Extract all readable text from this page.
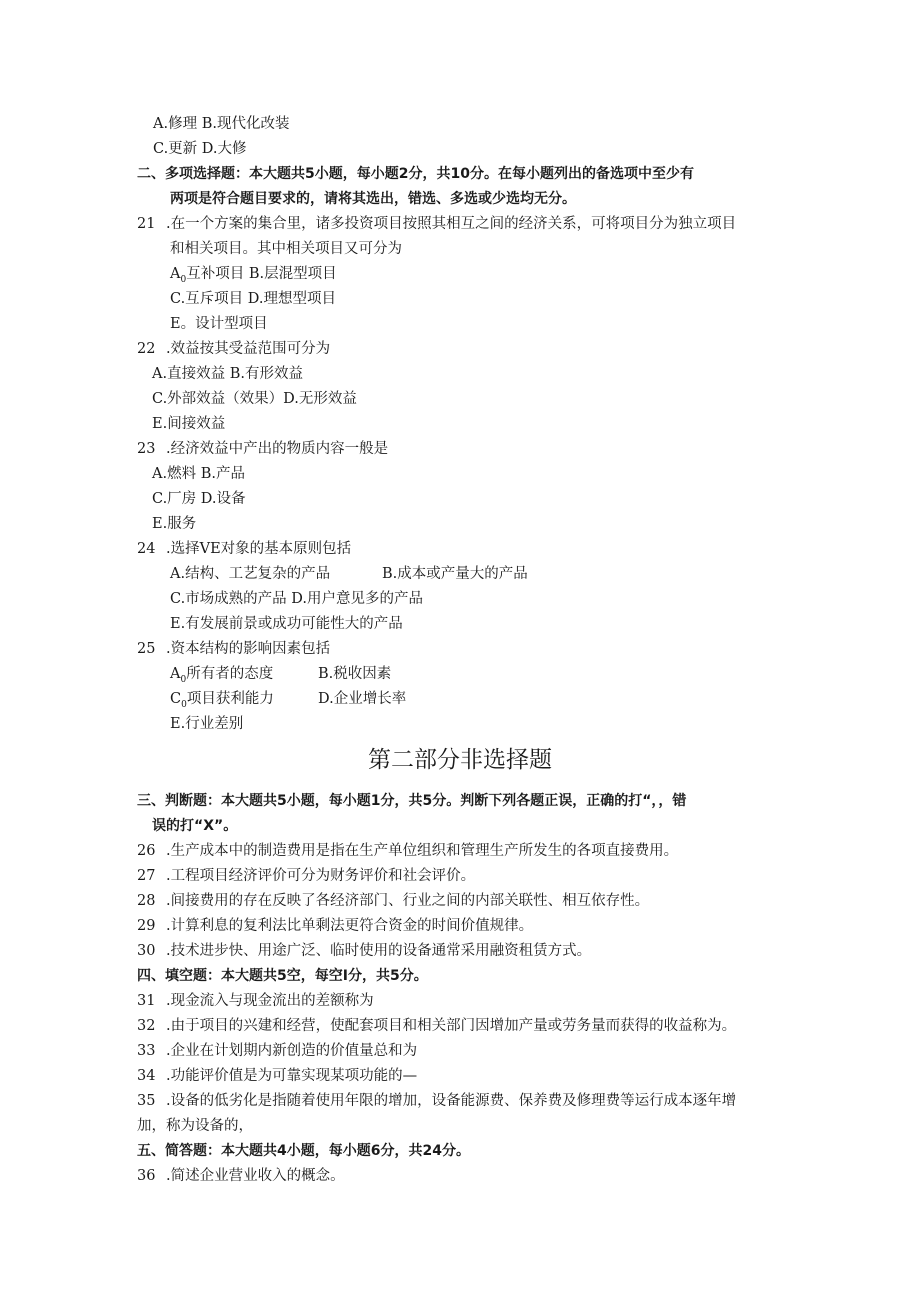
A.修理 B.现代化改装
C.更新 D.大修
二、多项选择题：本大题共5小题，每小题2分，共10分。在每小题列出的备选项中至少有
两项是符合题目要求的，请将其选出，错选、多选或少选均无分。
21 .在一个方案的集合里，诸多投资项目按照其相互之间的经济关系，可将项目分为独立项目
和相关项目。其中相关项目又可分为
$A_0$互补项目 B.层混型项目
C.互斥项目 D.理想型项目
E。设计型项目
22 .效益按其受益范围可分为
A.直接效益 B.有形效益
C.外部效益（效果）D.无形效益
E.间接效益
23 .经济效益中产出的物质内容一般是
A.燃料 B.产品
C.厂房 D.设备
E.服务
24 .选择VE对象的基本原则包括
A.结构、工艺复杂的产品	B.成本或产量大的产品
C.市场成熟的产品 D.用户意见多的产品
E.有发展前景或成功可能性大的产品
25 .资本结构的影响因素包括
$A_0$所有者的态度	B.税收因素
$C_0$项目获利能力	D.企业增长率
E.行业差别
第二部分非选择题
三、判断题：本大题共5小题，每小题1分，共5分。判断下列各题正误，正确的打“，，错
误的打“X”。
26 .生产成本中的制造费用是指在生产单位组织和管理生产所发生的各项直接费用。
27 .工程项目经济评价可分为财务评价和社会评价。
28 .间接费用的存在反映了各经济部门、行业之间的内部关联性、相互依存性。
29 .计算利息的复利法比单剩法更符合资金的时间价值规律。
30 .技术进步快、用途广泛、临时使用的设备通常采用融资租赁方式。
四、填空题：本大题共5空，每空I分，共5分。
31 .现金流入与现金流出的差额称为
32 .由于项目的兴建和经营，使配套项目和相关部门因增加产量或劳务量而获得的收益称为。
33 .企业在计划期内新创造的价值量总和为
34 .功能评价值是为可靠实现某项功能的—
35 .设备的低劣化是指随着使用年限的增加，设备能源费、保养费及修理费等运行成本逐年增
加，称为设备的，
五、简答题：本大题共4小题，每小题6分，共24分。
36 .简述企业营业收入的概念。
